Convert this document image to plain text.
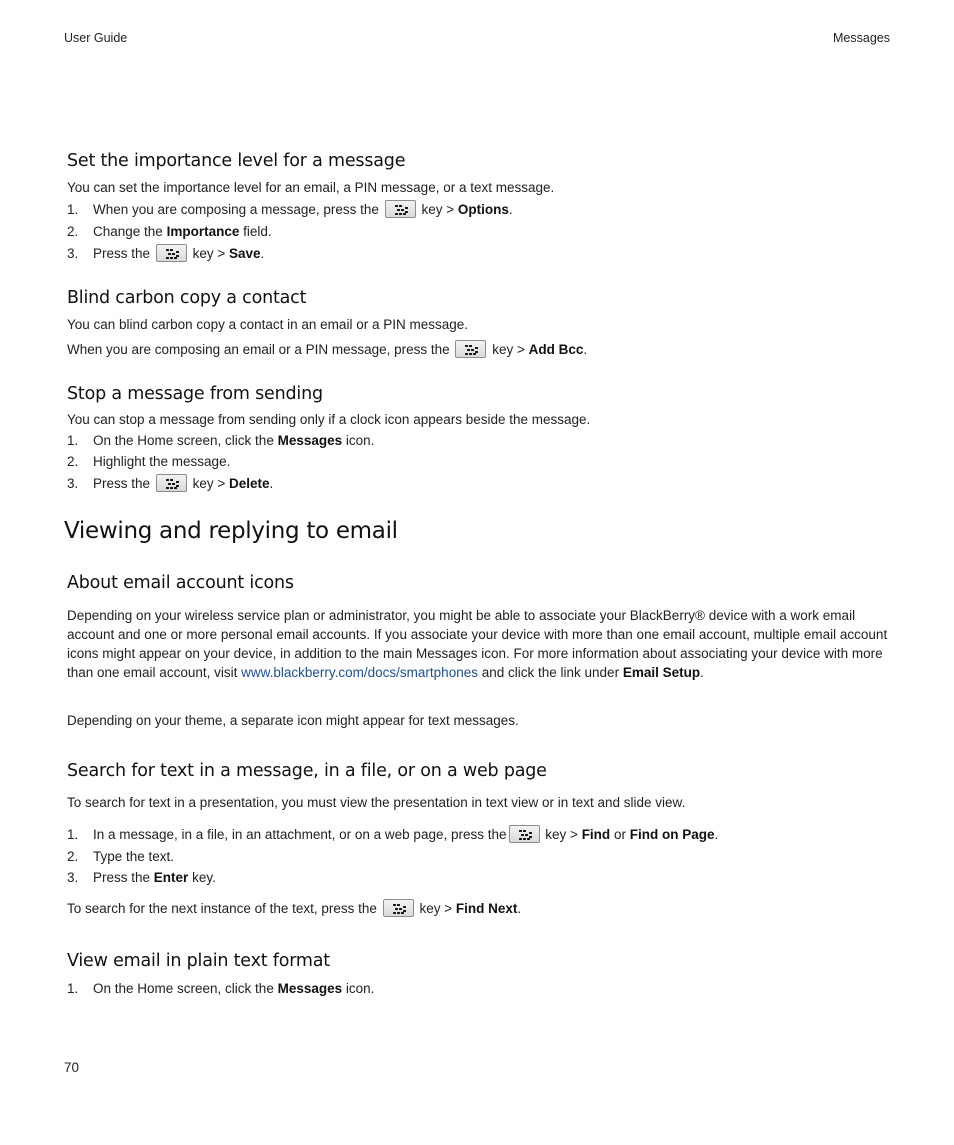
User Guide	Messages
Set the importance level for a message

You can set the importance level for an email, a PIN message, or a text message.

1. When you are composing a message, press the	key > Options.
2. Change the Importance field.
3. Press the	key > Save.
Blind carbon copy a contact

You can blind carbon copy a contact in an email or a PIN message.

When you are composing an email or a PIN message, press the	key > Add Bcc.
Stop a message from sending

You can stop a message from sending only if a clock icon appears beside the message.

1. On the Home screen, click the Messages icon.
2. Highlight the message.
3. Press the	key > Delete.
Viewing and replying to email
About email account icons

Depending on your wireless service plan or administrator, you might be able to associate your BlackBerry® device with a work email account and one or more personal email accounts. If you associate your device with more than one email account, multiple email account icons might appear on your device, in addition to the main Messages icon. For more information about associating your device with more than one email account, visit www.blackberry.com/docs/smartphones and click the link under Email Setup.

Depending on your theme, a separate icon might appear for text messages.

Search for text in a message, in a file, or on a web page

To search for text in a presentation, you must view the presentation in text view or in text and slide view.

1. In a message, in a file, in an attachment, or on a web page, press the	key > Find or Find on Page.
2. Type the text.
3. Press the Enter key.
To search for the next instance of the text, press the	key > Find Next.
View email in plain text format
1. On the Home screen, click the Messages icon.
70
